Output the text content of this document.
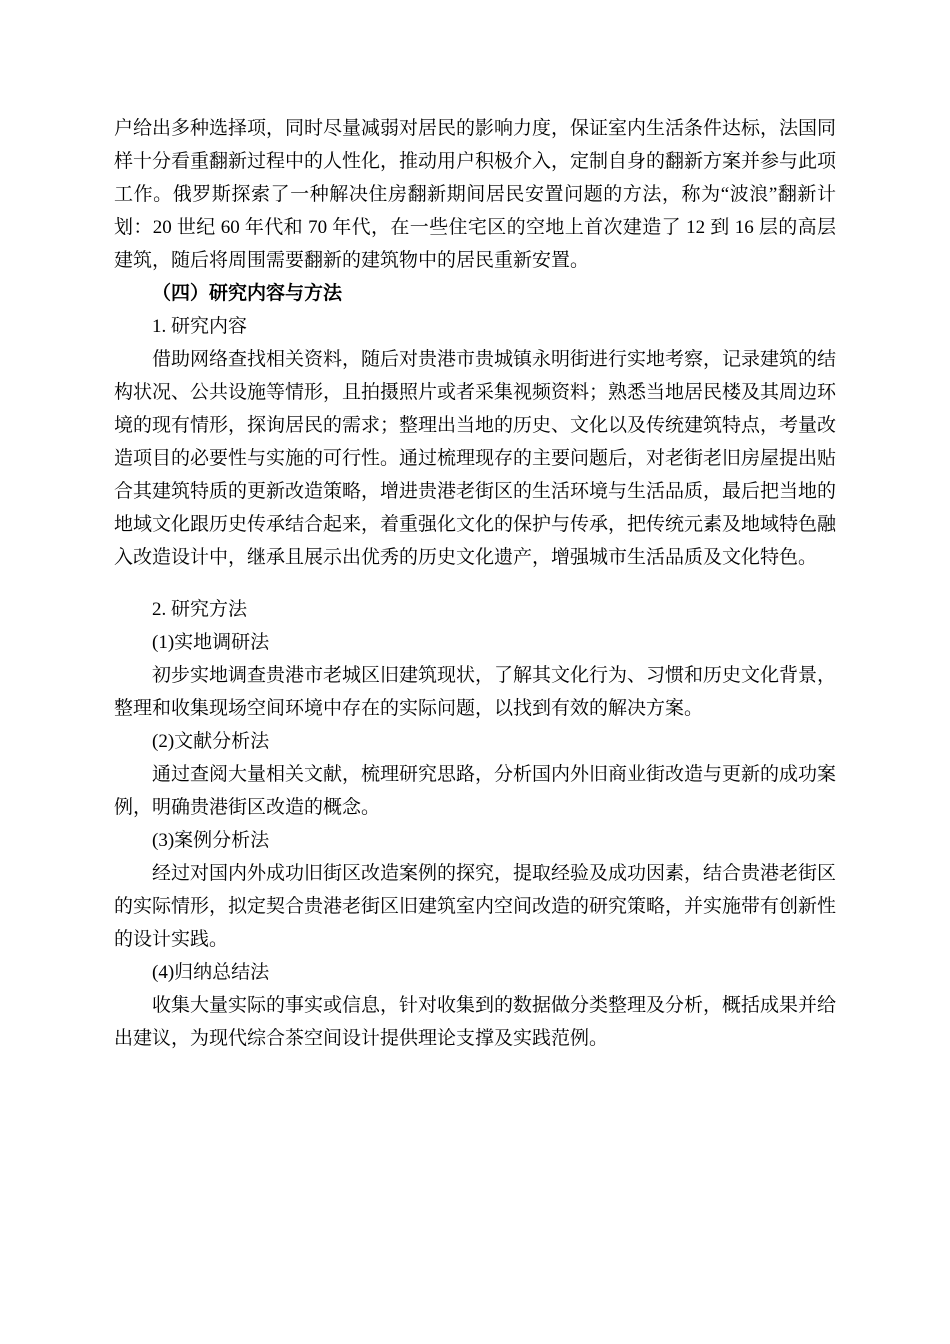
户给出多种选择项，同时尽量减弱对居民的影响力度，保证室内生活条件达标，法国同样十分看重翻新过程中的人性化，推动用户积极介入，定制自身的翻新方案并参与此项工作。俄罗斯探索了一种解决住房翻新期间居民安置问题的方法，称为“波浪”翻新计划：20 世纪 60 年代和 70 年代，在一些住宅区的空地上首次建造了 12 到 16 层的高层建筑，随后将周围需要翻新的建筑物中的居民重新安置。

（四）研究内容与方法

1. 研究内容

借助网络查找相关资料，随后对贵港市贵城镇永明街进行实地考察，记录建筑的结构状况、公共设施等情形，且拍摄照片或者采集视频资料；熟悉当地居民楼及其周边环境的现有情形，探询居民的需求；整理出当地的历史、文化以及传统建筑特点，考量改造项目的必要性与实施的可行性。通过梳理现存的主要问题后，对老街老旧房屋提出贴合其建筑特质的更新改造策略，增进贵港老街区的生活环境与生活品质，最后把当地的地域文化跟历史传承结合起来，着重强化文化的保护与传承，把传统元素及地域特色融入改造设计中，继承且展示出优秀的历史文化遗产，增强城市生活品质及文化特色。

2. 研究方法

(1)实地调研法

初步实地调查贵港市老城区旧建筑现状，了解其文化行为、习惯和历史文化背景，整理和收集现场空间环境中存在的实际问题，以找到有效的解决方案。

(2)文献分析法

通过查阅大量相关文献，梳理研究思路，分析国内外旧商业街改造与更新的成功案例，明确贵港街区改造的概念。

(3)案例分析法

经过对国内外成功旧街区改造案例的探究，提取经验及成功因素，结合贵港老街区的实际情形，拟定契合贵港老街区旧建筑室内空间改造的研究策略，并实施带有创新性的设计实践。

(4)归纳总结法

收集大量实际的事实或信息，针对收集到的数据做分类整理及分析，概括成果并给出建议，为现代综合茶空间设计提供理论支撑及实践范例。
